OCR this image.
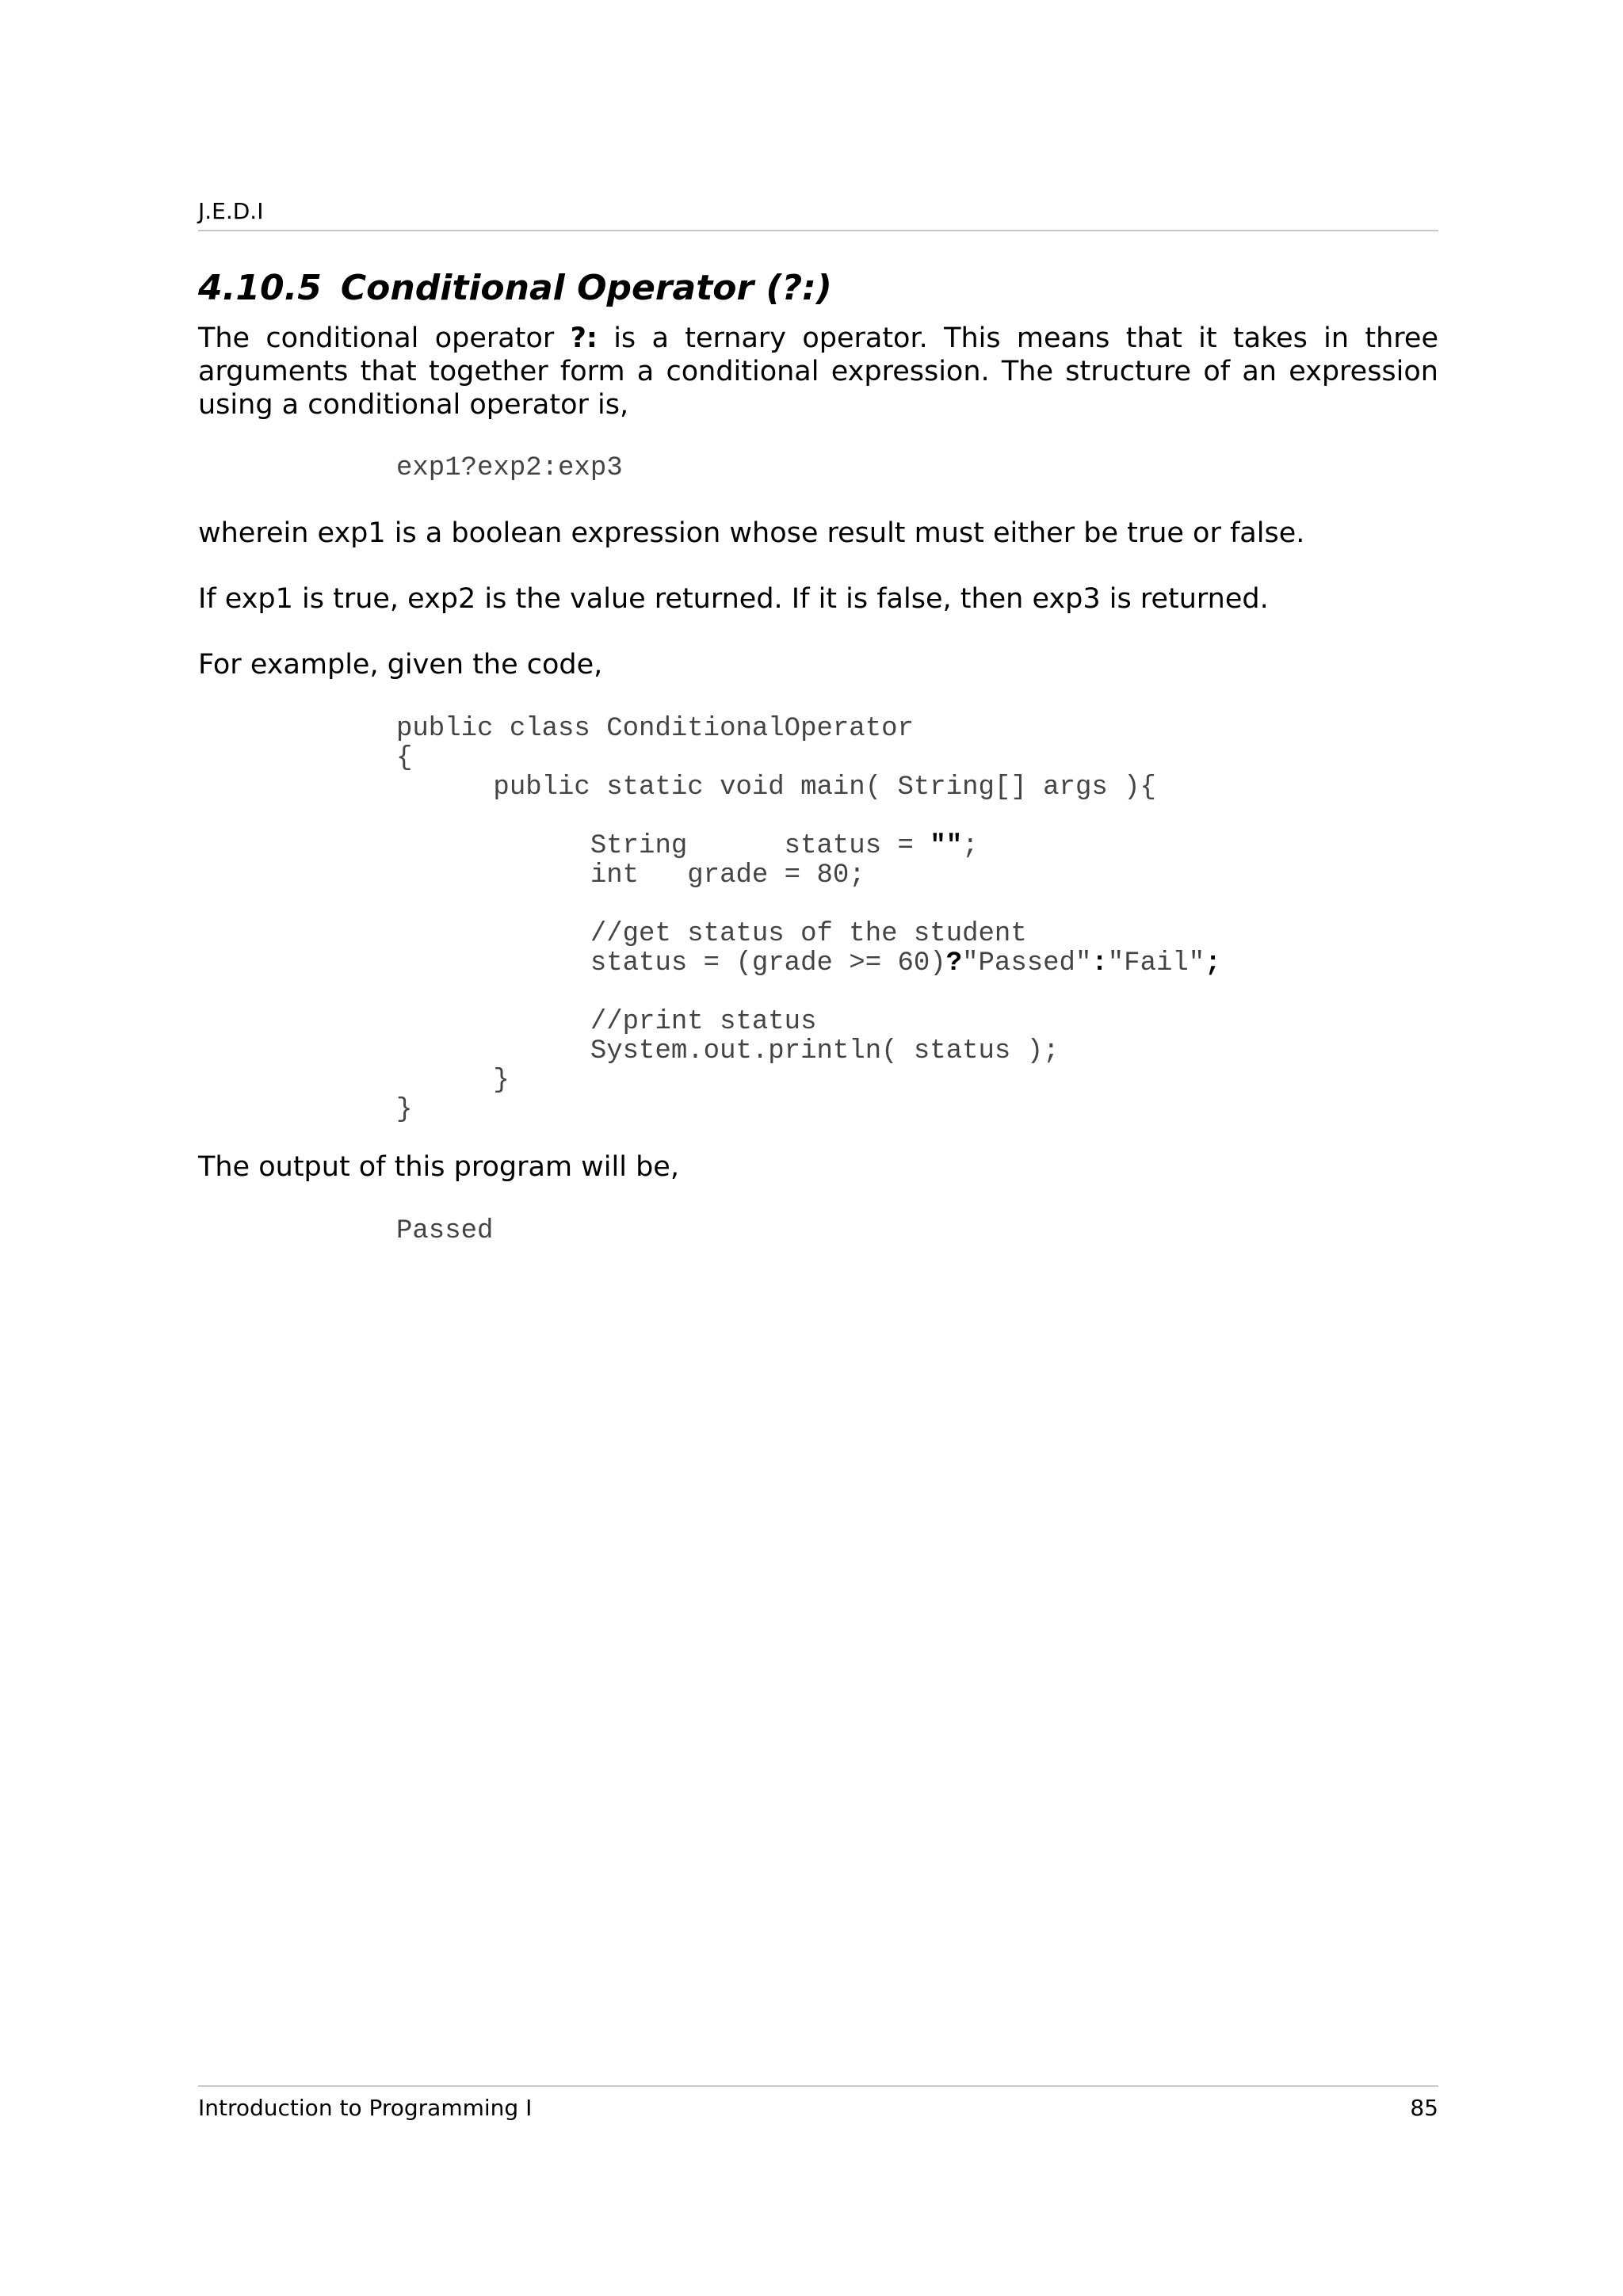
J.E.D.I
4.10.5 Conditional Operator (?:)

The conditional operator ?: is a ternary operator. This means that it takes in three arguments that together form a conditional expression. The structure of an expression using a conditional operator is,

exp1?exp2:exp3

wherein exp1 is a boolean expression whose result must either be true or false.

If exp1 is true, exp2 is the value returned. If it is false, then exp3 is returned.

For example, given the code,

public class ConditionalOperator
{
public static void main( String[] args ){

String      status = "";
int   grade = 80;

//get status of the student
status = (grade >= 60)?"Passed":"Fail";

//print status
System.out.println( status );
}
}

The output of this program will be,

Passed
Introduction to Programming I	85
